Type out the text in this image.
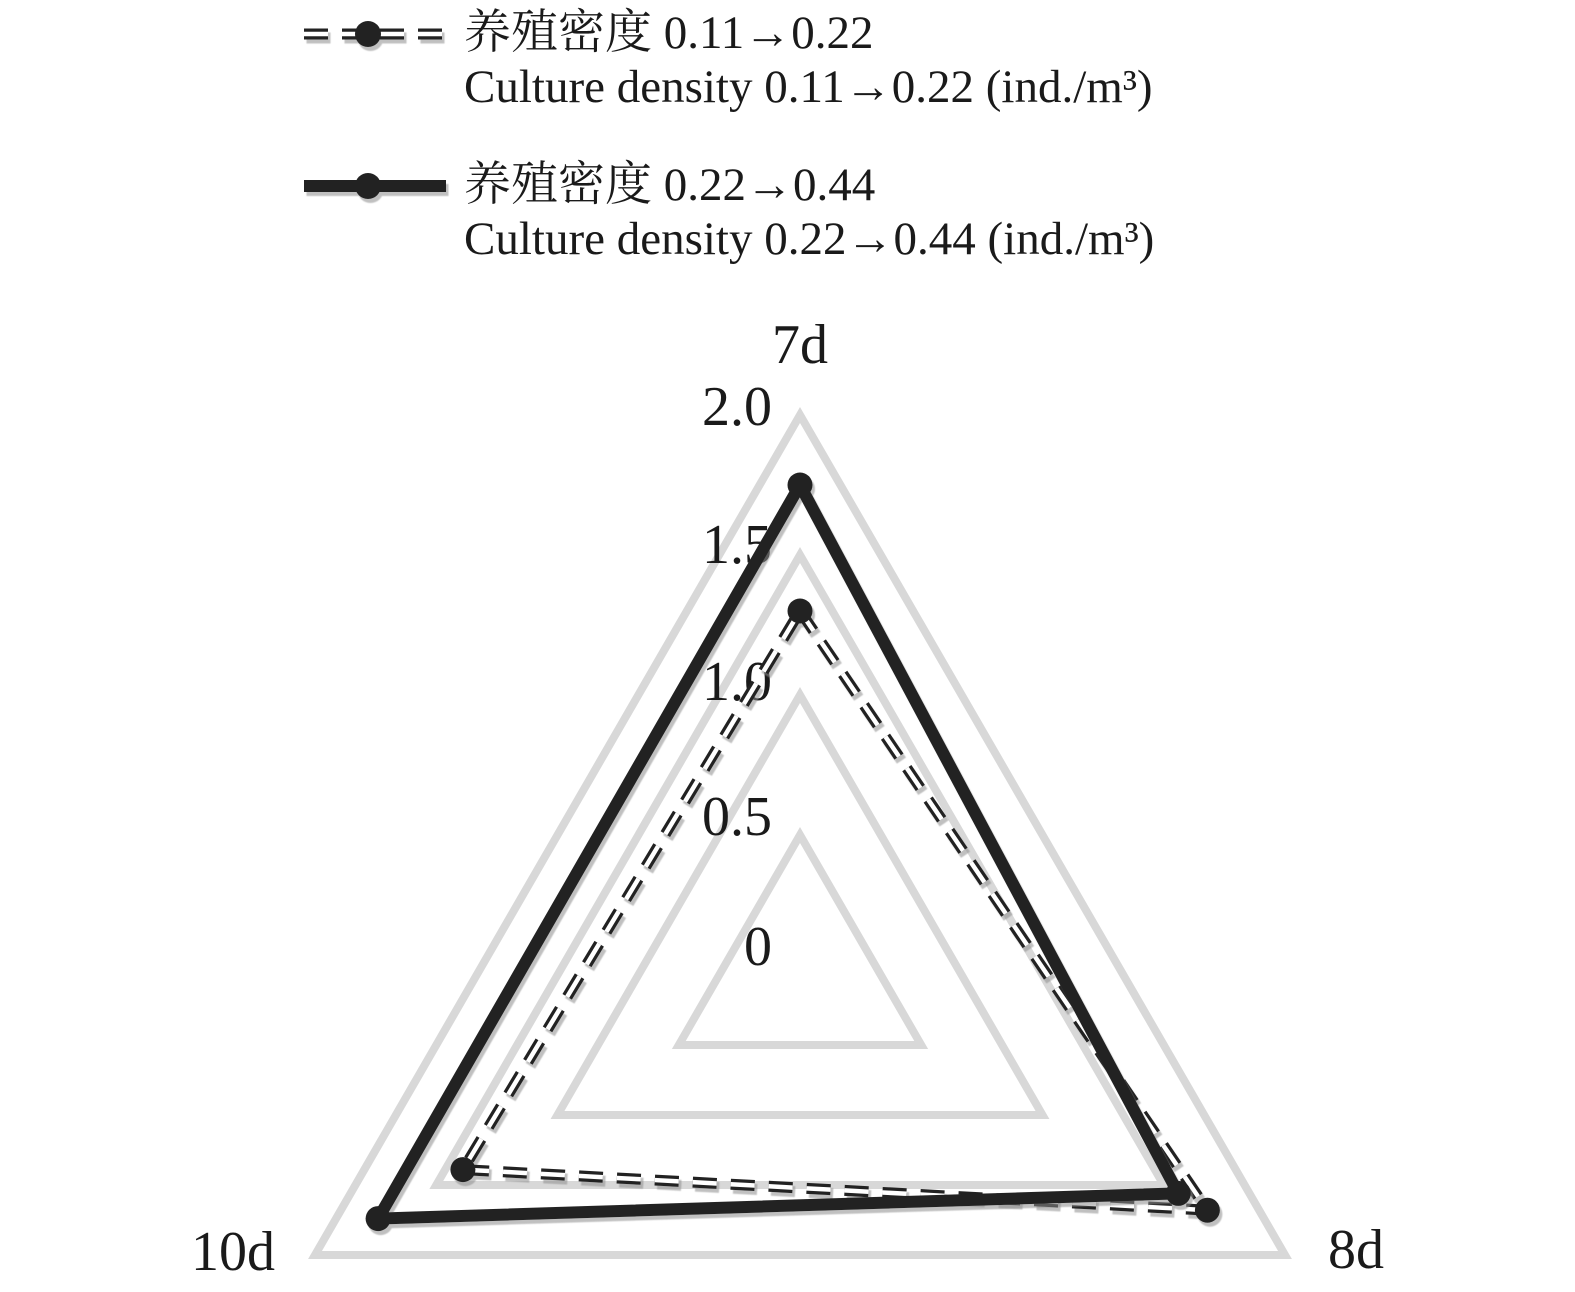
0
0.5
1.0
1.5
2.0
7d
8d
10d
养殖密度 0.11→0.22
Culture density 0.11→0.22 (ind./m³)
养殖密度 0.22→0.44
Culture density 0.22→0.44 (ind./m³)
